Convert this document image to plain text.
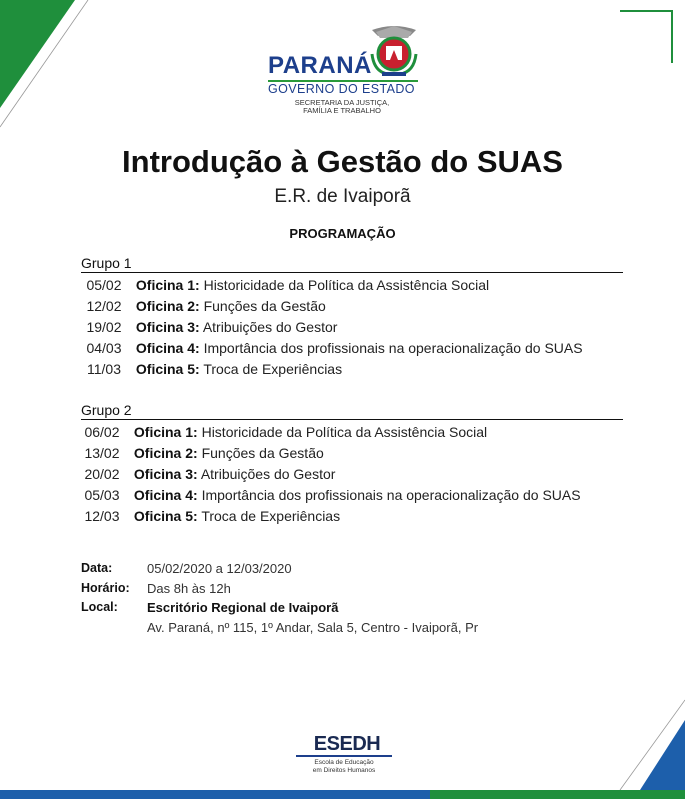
PARANÁ
GOVERNO DO ESTADO
SECRETARIA DA JUSTIÇA,
FAMÍLIA E TRABALHO
Introdução à Gestão do SUAS
E.R. de Ivaiporã
PROGRAMAÇÃO
Grupo 1
05/02 Oficina 1: Historicidade da Política da Assistência Social
12/02 Oficina 2: Funções da Gestão
19/02 Oficina 3: Atribuições do Gestor
04/03 Oficina 4: Importância dos profissionais na operacionalização do SUAS
11/03 Oficina 5: Troca de Experiências
Grupo 2
06/02 Oficina 1: Historicidade da Política da Assistência Social
13/02 Oficina 2: Funções da Gestão
20/02 Oficina 3: Atribuições do Gestor
05/03 Oficina 4: Importância dos profissionais na operacionalização do SUAS
12/03 Oficina 5: Troca de Experiências
Data:	05/02/2020 a 12/03/2020
Horário: Das 8h às 12h
Local: Escritório Regional de Ivaiporã
Av. Paraná, nº 115, 1º Andar, Sala 5, Centro - Ivaiporã, Pr
ESEDH
Escola de Educação
em Direitos Humanos
